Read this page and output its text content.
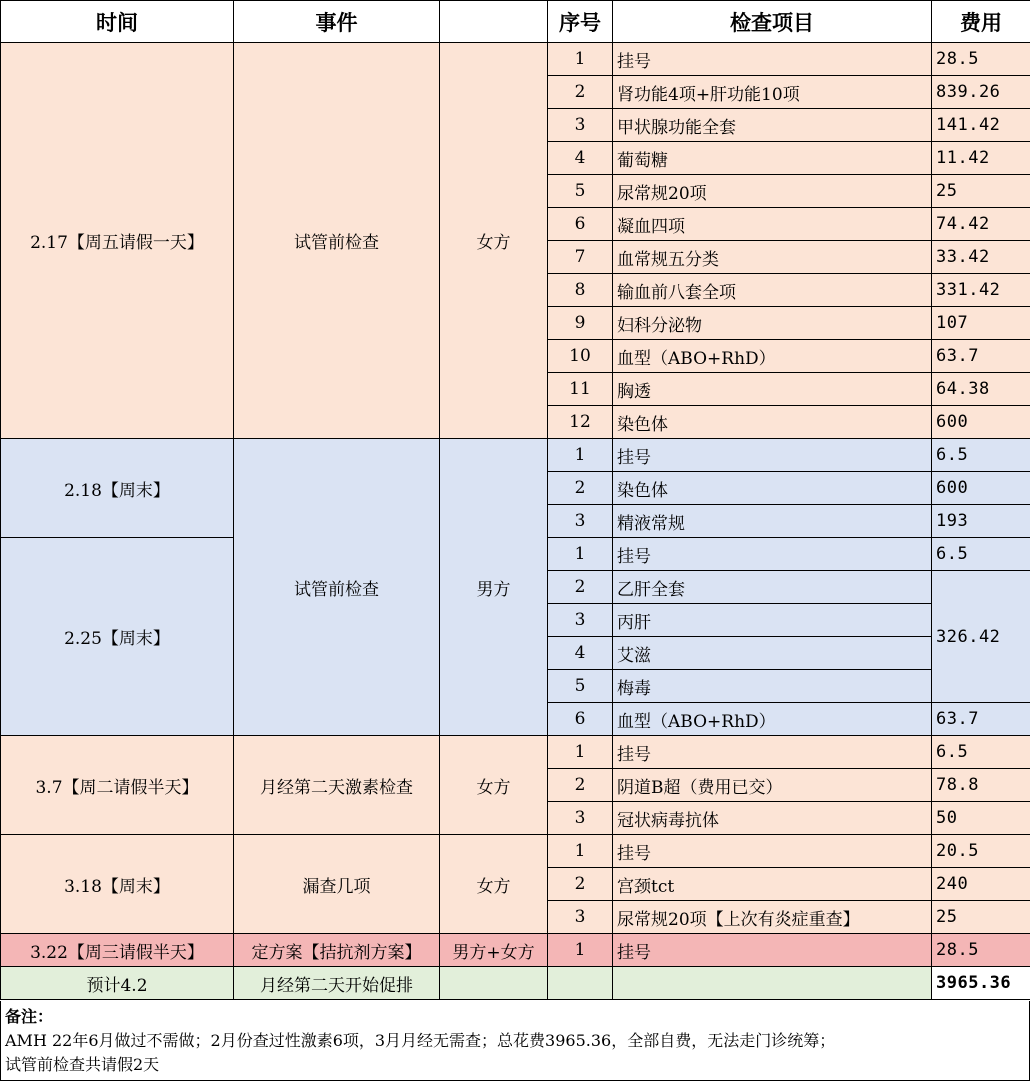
时间	事件		序号	检查项目	费用
2.17【周五请假一天】	试管前检查	女方	1	挂号	28.5
			2	肾功能4项+肝功能10项	839.26
			3	甲状腺功能全套	141.42
			4	葡萄糖	11.42
			5	尿常规20项	25
			6	凝血四项	74.42
			7	血常规五分类	33.42
			8	输血前八套全项	331.42
			9	妇科分泌物	107
			10	血型（ABO+RhD）	63.7
			11	胸透	64.38
			12	染色体	600
2.18【周末】	试管前检查	男方	1	挂号	6.5
			2	染色体	600
			3	精液常规	193
2.25【周末】			1	挂号	6.5
			2	乙肝全套	326.42
			3	丙肝	
			4	艾滋	
			5	梅毒	
			6	血型（ABO+RhD）	63.7
3.7【周二请假半天】	月经第二天激素检查	女方	1	挂号	6.5
			2	阴道B超（费用已交）	78.8
			3	冠状病毒抗体	50
3.18【周末】	漏查几项	女方	1	挂号	20.5
			2	宫颈tct	240
			3	尿常规20项【上次有炎症重查】	25
3.22【周三请假半天】	定方案【拮抗剂方案】	男方+女方	1	挂号	28.5
预计4.2	月经第二天开始促排				3965.36
备注：
AMH 22年6月做过不需做；2月份查过性激素6项，3月月经无需查；总花费3965.36，全部自费，无法走门诊统筹；
试管前检查共请假2天
